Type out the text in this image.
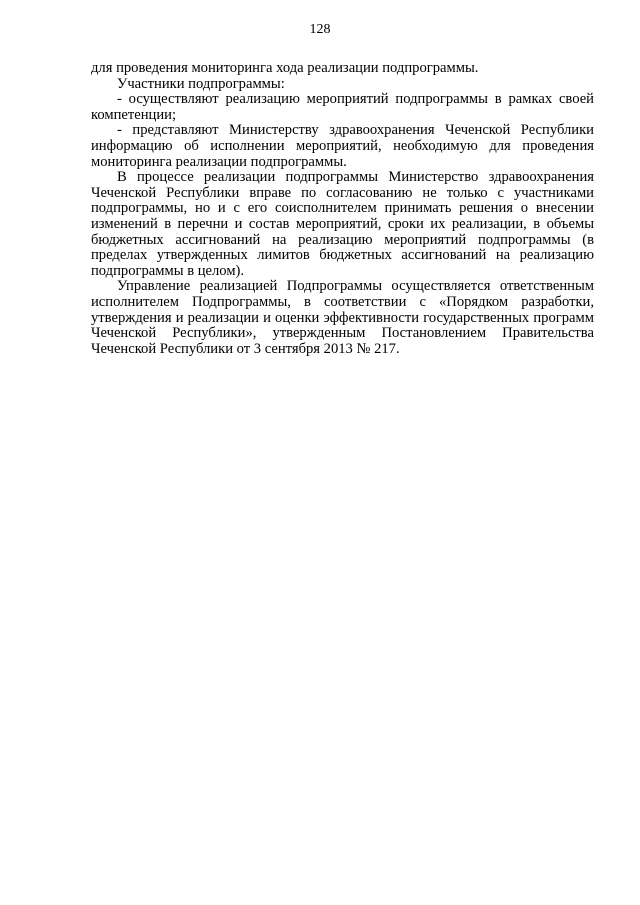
128

для проведения мониторинга хода реализации подпрограммы.

Участники подпрограммы:

- осуществляют реализацию мероприятий подпрограммы в рамках своей компетенции;

- представляют Министерству здравоохранения Чеченской Республики информацию об исполнении мероприятий, необходимую для проведения мониторинга реализации подпрограммы.

В процессе реализации подпрограммы Министерство здравоохранения Чеченской Республики вправе по согласованию не только с участниками подпрограммы, но и с его соисполнителем принимать решения о внесении изменений в перечни и состав мероприятий, сроки их реализации, в объемы бюджетных ассигнований на реализацию мероприятий подпрограммы (в пределах утвержденных лимитов бюджетных ассигнований на реализацию подпрограммы в целом).

Управление реализацией Подпрограммы осуществляется ответственным исполнителем Подпрограммы, в соответствии с «Порядком разработки, утверждения и реализации и оценки эффективности государственных программ Чеченской Республики», утвержденным Постановлением Правительства Чеченской Республики от 3 сентября 2013 № 217.
